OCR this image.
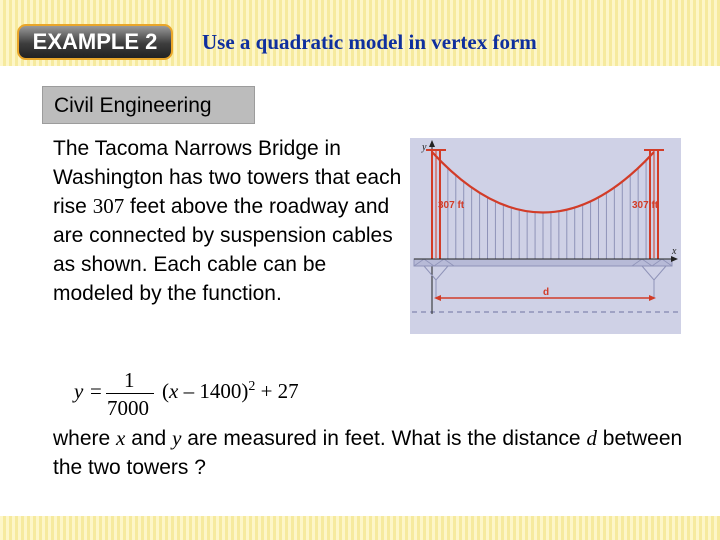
EXAMPLE 2	Use a quadratic model in vertex form
Civil Engineering
The Tacoma Narrows Bridge in Washington has two towers that each rise 307 feet above the roadway and are connected by suspension cables as shown. Each cable can be modeled by the function.
y = 1
7000
(x – 1400)$^2$ + 27
where x and y are measured in feet. What is the distance d between the two towers ?
y
307 ft	307 ft
x
d
